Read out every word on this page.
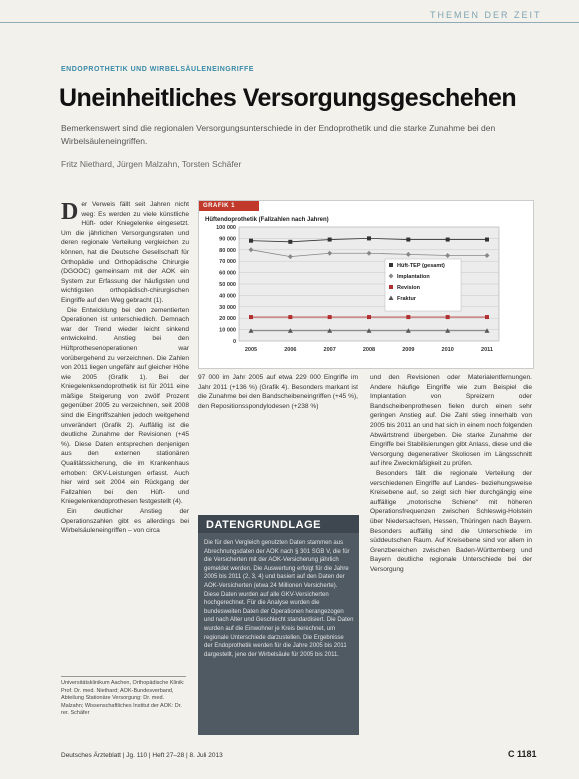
THEMEN DER ZEIT
ENDOPROTHETIK UND WIRBELSÄULENEINGRIFFE
Uneinheitliches Versorgungsgeschehen
Bemerkenswert sind die regionalen Versorgungsunterschiede in der Endoprothetik und die starke Zunahme bei den Wirbelsäuleneingriffen.
Fritz Niethard, Jürgen Malzahn, Torsten Schäfer

Der Verweis fällt seit Jahren nicht weg: Es werden zu viele künstliche Hüft- oder Kniegelenke eingesetzt. Um die jährlichen Versorgungsraten und deren regionale Verteilung vergleichen zu können, hat die Deutsche Gesellschaft für Orthopädie und Orthopädische Chirurgie (DGOOC) gemeinsam mit der AOK ein System zur Erfassung der häufigsten und wichtigsten orthopädisch-chirurgischen Eingriffe auf den Weg gebracht (1).

Die Entwicklung bei den zementierten Operationen ist unterschiedlich. Demnach war der Trend wieder leicht sinkend entwickelnd. Anstieg bei den Hüftprothesenoperationen war vorübergehend zu verzeichnen. Die Zahlen von 2011 liegen ungefähr auf gleicher Höhe wie 2005 (Grafik 1). Bei der Kniegelenksendoprothetik ist für 2011 eine mäßige Steigerung von zwölf Prozent gegenüber 2005 zu verzeichnen, seit 2008 sind die Eingriffszahlen jedoch weitgehend unverändert (Grafik 2). Auffällig ist die deutliche Zunahme der Revisionen (+45 %). Diese Daten entsprechen denjenigen aus den externen stationären Qualitätssicherung, die im Krankenhaus erhoben: GKV-Leistungen erfasst. Auch hier wird seit 2004 ein Rückgang der Fallzahlen bei den Hüft- und Kniegelenkendoprothesen festgestellt (4).

Ein deutlicher Anstieg der Operationszahlen gibt es allerdings bei Wirbelsäuleneingriffen – von circa

Universitätsklinikum Aachen, Orthopädische Klinik: Prof. Dr. med. Niethard; AOK-Bundesverband, Abteilung Stationäre Versorgung: Dr. med. Malzahn; Wissenschaftliches Institut der AOK: Dr. rer. Schäfer
GRAFIK 1
Hüftendoprothetik (Fallzahlen nach Jahren)
0
10 000
20 000
30 000
40 000
50 000
60 000
70 000
80 000
90 000
100 000
2005	2006	2007	2008	2009	2010	2011
Hüft-TEP (gesamt)
Implantation
Revision
Fraktur

97 000 im Jahr 2005 auf etwa 229 000 Eingriffe im Jahr 2011 (+136 %) (Grafik 4). Besonders markant ist die Zunahme bei den Bandscheibeneingriffen (+45 %), den Repositionsspondylodesen (+238 %)

DATENGRUNDLAGE
Die für den Vergleich genutzten Daten stammen aus Abrechnungsdaten der AOK nach § 301 SGB V, die für die Versicherten mit der AOK-Versicherung jährlich gemeldet werden. Die Auswertung erfolgt für die Jahre 2005 bis 2011 (2, 3, 4) und basiert auf den Daten der AOK-Versicherten (etwa 24 Millionen Versicherte). Diese Daten wurden auf alle GKV-Versicherten hochgerechnet. Für die Analyse wurden die bundesweiten Daten der Operationen herangezogen und nach Alter und Geschlecht standardisiert. Die Daten wurden auf die Einwohner je Kreis berechnet, um regionale Unterschiede darzustellen. Die Ergebnisse der Endoprothetik werden für die Jahre 2005 bis 2011 dargestellt, jene der Wirbelsäule für 2005 bis 2011.

und den Revisionen oder Materialentfernungen. Andere häufige Eingriffe wie zum Beispiel die Implantation von Spreizern oder Bandscheibenprothesen fielen durch einen sehr geringen Anstieg auf. Die Zahl stieg innerhalb von 2005 bis 2011 an und hat sich in einem noch folgenden Abwärtstrend übergeben. Die starke Zunahme der Eingriffe bei Stabilisierungen gibt Anlass, diese und die Versorgung degenerativer Skoliosen im Längsschnitt auf ihre Zweckmäßigkeit zu prüfen.

Besonders fällt die regionale Verteilung der verschiedenen Eingriffe auf Landes- beziehungsweise Kreisebene auf, so zeigt sich hier durchgängig eine auffällige „motorische Schiene“ mit höheren Operationsfrequenzen zwischen Schleswig-Holstein über Niedersachsen, Hessen, Thüringen nach Bayern. Besonders auffällig sind die Unterschiede im süddeutschen Raum. Auf Kreisebene sind vor allem in Grenzbereichen zwischen Baden-Württemberg und Bayern deutliche regionale Unterschiede bei der Versorgung

Deutsches Ärzteblatt | Jg. 110 | Heft 27–28 | 8. Juli 2013	C 1181
